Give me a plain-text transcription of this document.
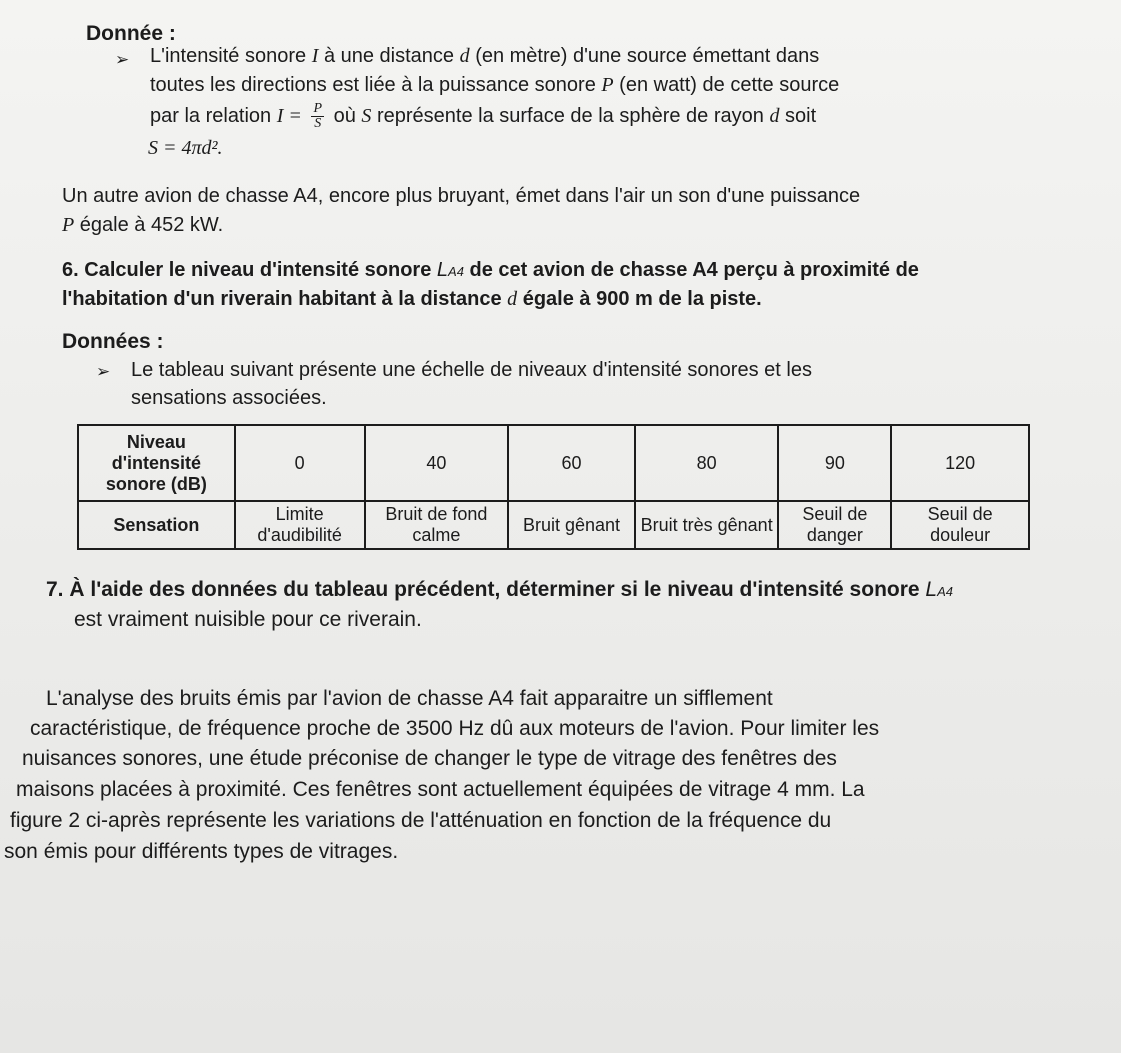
Donnée :
➢ L'intensité sonore I à une distance d (en mètre) d'une source émettant dans
toutes les directions est liée à la puissance sonore P (en watt) de cette source
par la relation $I = \frac{P}{S}$ où S représente la surface de la sphère de rayon d soit
S = 4πd².
Un autre avion de chasse A4, encore plus bruyant, émet dans l'air un son d'une puissance
P égale à 452 kW.
6. Calculer le niveau d'intensité sonore LA4 de cet avion de chasse A4 perçu à proximité de
l'habitation d'un riverain habitant à la distance d égale à 900 m de la piste.
Données :
➢ Le tableau suivant présente une échelle de niveaux d'intensité sonores et les
sensations associées.
Niveau d'intensité sonore (dB)	0	40	60	80	90	120
Sensation	Limite d'audibilité	Bruit de fond calme	Bruit gênant	Bruit très gênant	Seuil de danger	Seuil de douleur
7. À l'aide des données du tableau précédent, déterminer si le niveau d'intensité sonore LA4
est vraiment nuisible pour ce riverain.
L'analyse des bruits émis par l'avion de chasse A4 fait apparaitre un sifflement
caractéristique, de fréquence proche de 3500 Hz dû aux moteurs de l'avion. Pour limiter les
nuisances sonores, une étude préconise de changer le type de vitrage des fenêtres des
maisons placées à proximité. Ces fenêtres sont actuellement équipées de vitrage 4 mm. La
figure 2 ci-après représente les variations de l'atténuation en fonction de la fréquence du
son émis pour différents types de vitrages.
